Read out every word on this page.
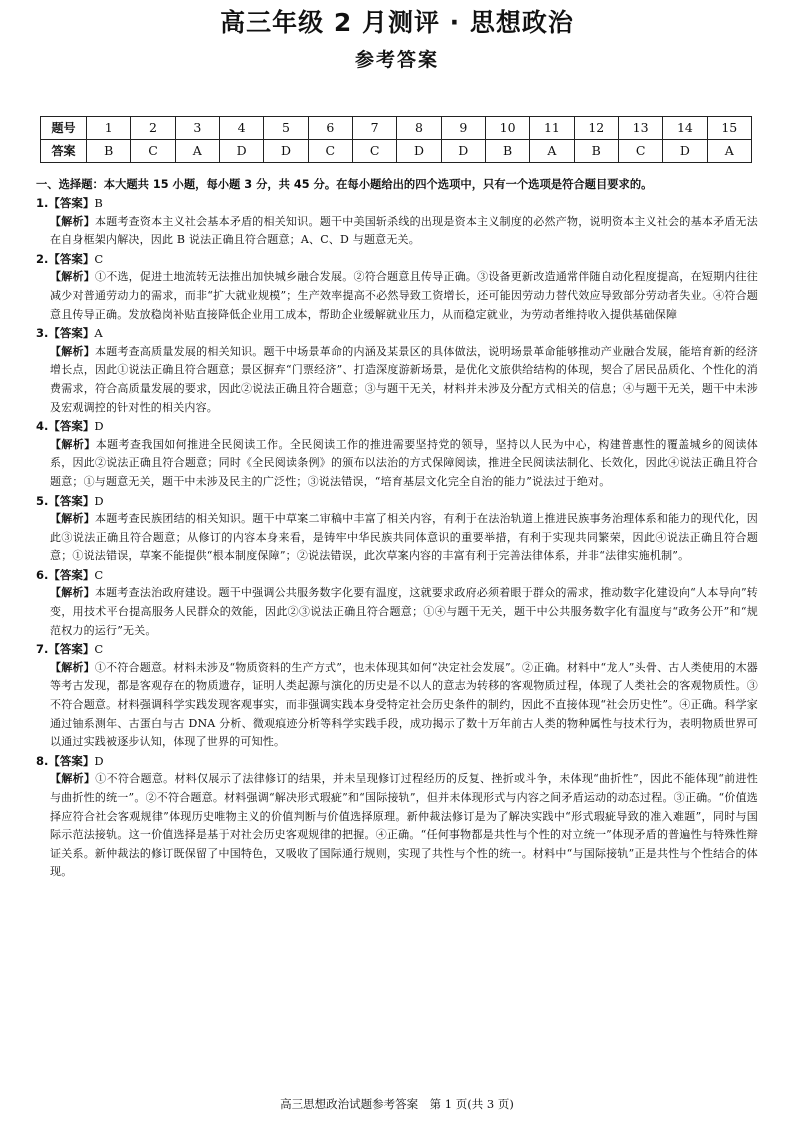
高三年级 2 月测评 · 思想政治
参考答案
题号	1	2	3	4	5	6	7	8	9	10	11	12	13	14	15
答案	B	C	A	D	D	C	C	D	D	B	A	B	C	D	A
一、选择题：本大题共 15 小题，每小题 3 分，共 45 分。在每小题给出的四个选项中，只有一个选项是符合题目要求的。
1.【答案】B

【解析】本题考查资本主义社会基本矛盾的相关知识。题干中美国斩杀线的出现是资本主义制度的必然产物，说明资本主义社会的基本矛盾无法在自身框架内解决，因此 B 说法正确且符合题意；A、C、D 与题意无关。

2.【答案】C

【解析】①不选，促进土地流转无法推出加快城乡融合发展。②符合题意且传导正确。③设备更新改造通常伴随自动化程度提高，在短期内往往减少对普通劳动力的需求，而非“扩大就业规模”；生产效率提高不必然导致工资增长，还可能因劳动力替代效应导致部分劳动者失业。④符合题意且传导正确。发放稳岗补贴直接降低企业用工成本，帮助企业缓解就业压力，从而稳定就业，为劳动者维持收入提供基础保障

3.【答案】A

【解析】本题考查高质量发展的相关知识。题干中场景革命的内涵及某景区的具体做法，说明场景革命能够推动产业融合发展，能培育新的经济增长点，因此①说法正确且符合题意；景区摒弃“门票经济”、打造深度游新场景，是优化文旅供给结构的体现，契合了居民品质化、个性化的消费需求，符合高质量发展的要求，因此②说法正确且符合题意；③与题干无关，材料并未涉及分配方式相关的信息；④与题干无关，题干中未涉及宏观调控的针对性的相关内容。

4.【答案】D

【解析】本题考查我国如何推进全民阅读工作。全民阅读工作的推进需要坚持党的领导，坚持以人民为中心，构建普惠性的覆盖城乡的阅读体系，因此②说法正确且符合题意；同时《全民阅读条例》的颁布以法治的方式保障阅读，推进全民阅读法制化、长效化，因此④说法正确且符合题意；①与题意无关，题干中未涉及民主的广泛性；③说法错误，“培育基层文化完全自治的能力”说法过于绝对。

5.【答案】D

【解析】本题考查民族团结的相关知识。题干中草案二审稿中丰富了相关内容，有利于在法治轨道上推进民族事务治理体系和能力的现代化，因此③说法正确且符合题意；从修订的内容本身来看，是铸牢中华民族共同体意识的重要举措，有利于实现共同繁荣，因此④说法正确且符合题意；①说法错误，草案不能提供“根本制度保障”；②说法错误，此次草案内容的丰富有利于完善法律体系，并非“法律实施机制”。

6.【答案】C

【解析】本题考查法治政府建设。题干中强调公共服务数字化要有温度，这就要求政府必须着眼于群众的需求，推动数字化建设向“人本导向”转变，用技术平台提高服务人民群众的效能，因此②③说法正确且符合题意；①④与题干无关，题干中公共服务数字化有温度与“政务公开”和“规范权力的运行”无关。

7.【答案】C

【解析】①不符合题意。材料未涉及“物质资料的生产方式”，也未体现其如何“决定社会发展”。②正确。材料中“龙人”头骨、古人类使用的木器等考古发现，都是客观存在的物质遗存，证明人类起源与演化的历史是不以人的意志为转移的客观物质过程，体现了人类社会的客观物质性。③不符合题意。材料强调科学实践发现客观事实，而非强调实践本身受特定社会历史条件的制约，因此不直接体现“社会历史性”。④正确。科学家通过铀系测年、古蛋白与古 DNA 分析、微观痕迹分析等科学实践手段，成功揭示了数十万年前古人类的物种属性与技术行为，表明物质世界可以通过实践被逐步认知，体现了世界的可知性。

8.【答案】D

【解析】①不符合题意。材料仅展示了法律修订的结果，并未呈现修订过程经历的反复、挫折或斗争，未体现“曲折性”，因此不能体现“前进性与曲折性的统一”。②不符合题意。材料强调“解决形式瑕疵”和“国际接轨”，但并未体现形式与内容之间矛盾运动的动态过程。③正确。“价值选择应符合社会客观规律”体现历史唯物主义的价值判断与价值选择原理。新仲裁法修订是为了解决实践中“形式瑕疵导致的准入难题”，同时与国际示范法接轨。这一价值选择是基于对社会历史客观规律的把握。④正确。“任何事物都是共性与个性的对立统一”体现矛盾的普遍性与特殊性辩证关系。新仲裁法的修订既保留了中国特色，又吸收了国际通行规则，实现了共性与个性的统一。材料中“与国际接轨”正是共性与个性结合的体现。

高三思想政治试题参考答案　第 1 页(共 3 页)
